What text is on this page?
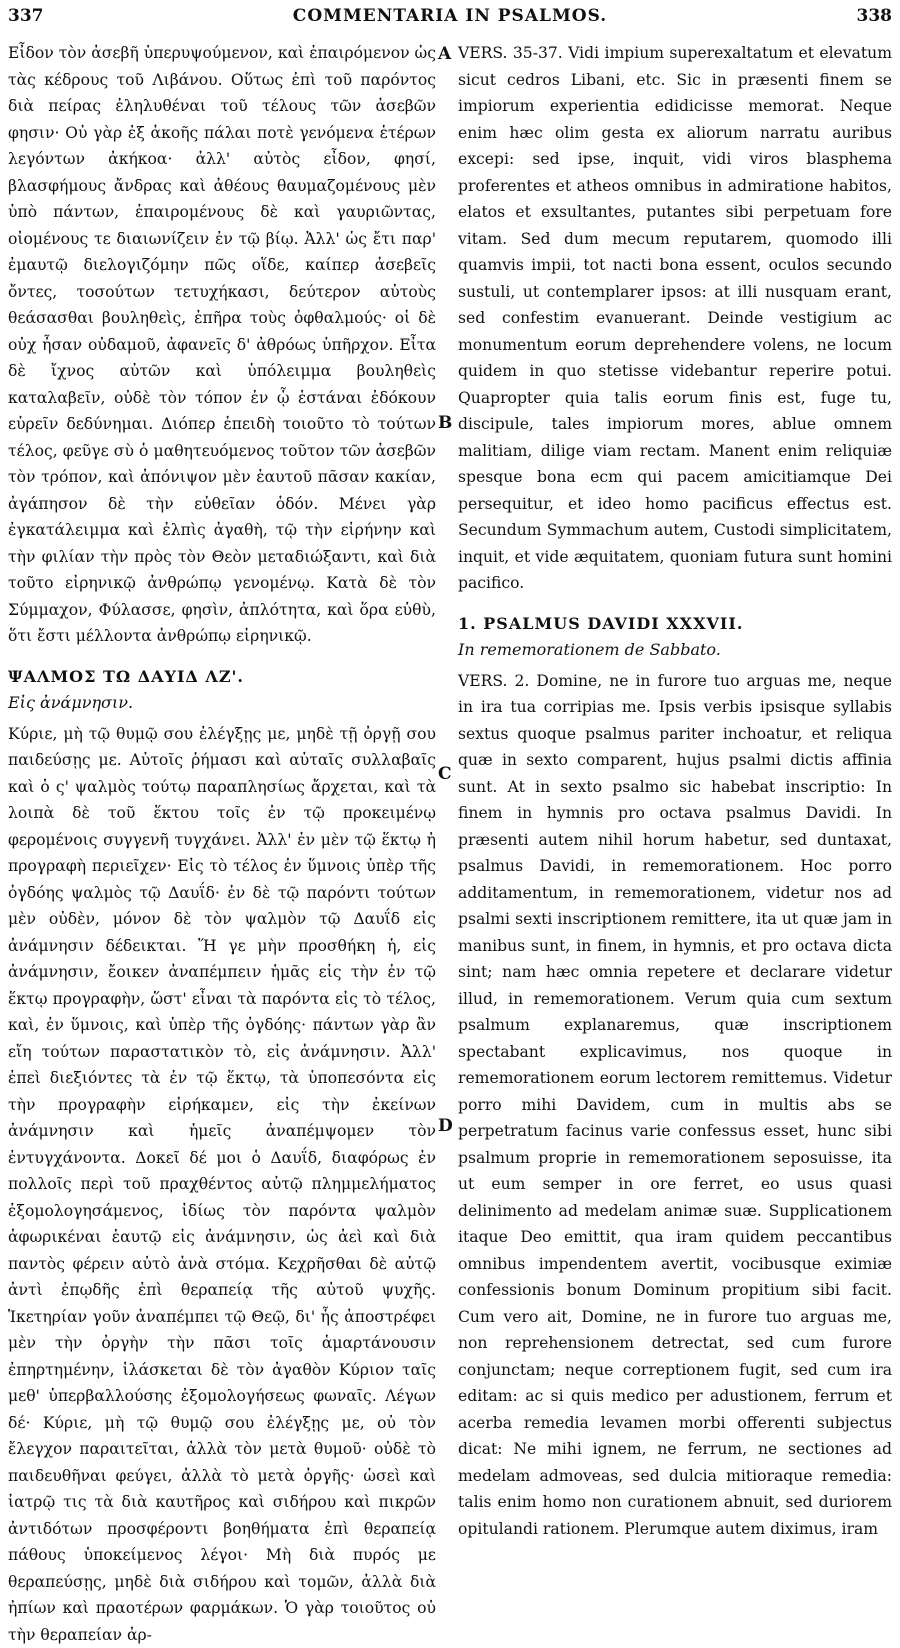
337	COMMENTARIA IN PSALMOS.	338
A
B
C
D

Εἶδον τὸν ἀσεβῆ ὑπερυψούμενον, καὶ ἐπαιρόμενον ὡς τὰς κέδρους τοῦ Λιβάνου. Οὕτως ἐπὶ τοῦ παρόντος διὰ πείρας ἐληλυθέναι τοῦ τέλους τῶν ἀσεβῶν φησιν· Οὐ γὰρ ἐξ ἀκοῆς πάλαι ποτὲ γενόμενα ἑτέρων λεγόντων ἀκήκοα· ἀλλ' αὐτὸς εἶδον, φησί, βλασφήμους ἄνδρας καὶ ἀθέους θαυμαζομένους μὲν ὑπὸ πάντων, ἐπαιρομένους δὲ καὶ γαυριῶντας, οἰομένους τε διαιωνίζειν ἐν τῷ βίῳ. Ἀλλ' ὡς ἔτι παρ' ἐμαυτῷ διελογιζόμην πῶς οἵδε, καίπερ ἀσεβεῖς ὄντες, τοσούτων τετυχήκασι, δεύτερον αὐτοὺς θεάσασθαι βουληθεὶς, ἐπῆρα τοὺς ὀφθαλμούς· οἱ δὲ οὐχ ἦσαν οὐδαμοῦ, ἀφανεῖς δ' ἀθρόως ὑπῆρχον. Εἶτα δὲ ἴχνος αὐτῶν καὶ ὑπόλειμμα βουληθεὶς καταλαβεῖν, οὐδὲ τὸν τόπον ἐν ᾧ ἑστάναι ἐδόκουν εὑρεῖν δεδύνημαι. Διόπερ ἐπειδὴ τοιοῦτο τὸ τούτων τέλος, φεῦγε σὺ ὁ μαθητευόμενος τοῦτον τῶν ἀσεβῶν τὸν τρόπον, καὶ ἀπόνιψον μὲν ἑαυτοῦ πᾶσαν κακίαν, ἀγάπησον δὲ τὴν εὐθεῖαν ὁδόν. Μένει γὰρ ἐγκατάλειμμα καὶ ἐλπὶς ἀγαθὴ, τῷ τὴν εἰρήνην καὶ τὴν φιλίαν τὴν πρὸς τὸν Θεὸν μεταδιώξαντι, καὶ διὰ τοῦτο εἰρηνικῷ ἀνθρώπῳ γενομένῳ. Κατὰ δὲ τὸν Σύμμαχον, Φύλασσε, φησὶν, ἀπλότητα, καὶ ὅρα εὐθὺ, ὅτι ἔστι μέλλοντα ἀνθρώπῳ εἰρηνικῷ.

ΨΑΛΜΟΣ ΤΩ ΔΑΥΙΔ ΛΖ'.

Εἰς ἀνάμνησιν.

Κύριε, μὴ τῷ θυμῷ σου ἐλέγξῃς με, μηδὲ τῇ ὀργῇ σου παιδεύσῃς με. Αὐτοῖς ῥήμασι καὶ αὐταῖς συλλαβαῖς καὶ ὁ ς' ψαλμὸς τούτῳ παραπλησίως ἄρχεται, καὶ τὰ λοιπὰ δὲ τοῦ ἕκτου τοῖς ἐν τῷ προκειμένῳ φερομένοις συγγενῆ τυγχάνει. Ἀλλ' ἐν μὲν τῷ ἕκτῳ ἡ προγραφὴ περιεῖχεν· Εἰς τὸ τέλος ἐν ὕμνοις ὑπὲρ τῆς ὀγδόης ψαλμὸς τῷ Δαυΐδ· ἐν δὲ τῷ παρόντι τούτων μὲν οὐδὲν, μόνον δὲ τὸν ψαλμὸν τῷ Δαυΐδ εἰς ἀνάμνησιν δέδεικται. Ἥ γε μὴν προσθήκη ἡ, εἰς ἀνάμνησιν, ἔοικεν ἀναπέμπειν ἡμᾶς εἰς τὴν ἐν τῷ ἕκτῳ προγραφὴν, ὥστ' εἶναι τὰ παρόντα εἰς τὸ τέλος, καὶ, ἐν ὕμνοις, καὶ ὑπὲρ τῆς ὀγδόης· πάντων γὰρ ἂν εἴη τούτων παραστατικὸν τὸ, εἰς ἀνάμνησιν. Ἀλλ' ἐπεὶ διεξιόντες τὰ ἐν τῷ ἕκτῳ, τὰ ὑποπεσόντα εἰς τὴν προγραφὴν εἰρήκαμεν, εἰς τὴν ἐκείνων ἀνάμνησιν καὶ ἡμεῖς ἀναπέμψομεν τὸν ἐντυγχάνοντα. Δοκεῖ δέ μοι ὁ Δαυΐδ, διαφόρως ἐν πολλοῖς περὶ τοῦ πραχθέντος αὐτῷ πλημμελήματος ἐξομολογησάμενος, ἰδίως τὸν παρόντα ψαλμὸν ἀφωρικέναι ἑαυτῷ εἰς ἀνάμνησιν, ὡς ἀεὶ καὶ διὰ παντὸς φέρειν αὐτὸ ἀνὰ στόμα. Κεχρῆσθαι δὲ αὐτῷ ἀντὶ ἐπῳδῆς ἐπὶ θεραπείᾳ τῆς αὐτοῦ ψυχῆς. Ἱκετηρίαν γοῦν ἀναπέμπει τῷ Θεῷ, δι' ἧς ἀποστρέφει μὲν τὴν ὀργὴν τὴν πᾶσι τοῖς ἁμαρτάνουσιν ἐπηρτημένην, ἱλάσκεται δὲ τὸν ἀγαθὸν Κύριον ταῖς μεθ' ὑπερβαλλούσης ἐξομολογήσεως φωναῖς. Λέγων δέ· Κύριε, μὴ τῷ θυμῷ σου ἐλέγξῃς με, οὐ τὸν ἔλεγχον παραιτεῖται, ἀλλὰ τὸν μετὰ θυμοῦ· οὐδὲ τὸ παιδευθῆναι φεύγει, ἀλλὰ τὸ μετὰ ὀργῆς· ὡσεὶ καὶ ἰατρῷ τις τὰ διὰ καυτῆρος καὶ σιδήρου καὶ πικρῶν ἀντιδότων προσφέροντι βοηθήματα ἐπὶ θεραπείᾳ πάθους ὑποκείμενος λέγοι· Μὴ διὰ πυρός με θεραπεύσῃς, μηδὲ διὰ σιδήρου καὶ τομῶν, ἀλλὰ διὰ ἠπίων καὶ πραοτέρων φαρμάκων. Ὁ γὰρ τοιοῦτος οὐ τὴν θεραπείαν ἀρ-

VERS. 35-37. Vidi impium superexaltatum et elevatum sicut cedros Libani, etc. Sic in præsenti finem se impiorum experientia edidicisse memorat. Neque enim hæc olim gesta ex aliorum narratu auribus excepi: sed ipse, inquit, vidi viros blasphema proferentes et atheos omnibus in admiratione habitos, elatos et exsultantes, putantes sibi perpetuam fore vitam. Sed dum mecum reputarem, quomodo illi quamvis impii, tot nacti bona essent, oculos secundo sustuli, ut contemplarer ipsos: at illi nusquam erant, sed confestim evanuerant. Deinde vestigium ac monumentum eorum deprehendere volens, ne locum quidem in quo stetisse videbantur reperire potui. Quapropter quia talis eorum finis est, fuge tu, discipule, tales impiorum mores, ablue omnem malitiam, dilige viam rectam. Manent enim reliquiæ spesque bona ecm qui pacem amicitiamque Dei persequitur, et ideo homo pacificus effectus est. Secundum Symmachum autem, Custodi simplicitatem, inquit, et vide æquitatem, quoniam futura sunt homini pacifico.

1. PSALMUS DAVIDI XXXVII.

In rememorationem de Sabbato.

VERS. 2. Domine, ne in furore tuo arguas me, neque in ira tua corripias me. Ipsis verbis ipsisque syllabis sextus quoque psalmus pariter inchoatur, et reliqua quæ in sexto comparent, hujus psalmi dictis affinia sunt. At in sexto psalmo sic habebat inscriptio: In finem in hymnis pro octava psalmus Davidi. In præsenti autem nihil horum habetur, sed duntaxat, psalmus Davidi, in rememorationem. Hoc porro additamentum, in rememorationem, videtur nos ad psalmi sexti inscriptionem remittere, ita ut quæ jam in manibus sunt, in finem, in hymnis, et pro octava dicta sint; nam hæc omnia repetere et declarare videtur illud, in rememorationem. Verum quia cum sextum psalmum explanaremus, quæ inscriptionem spectabant explicavimus, nos quoque in rememorationem eorum lectorem remittemus. Videtur porro mihi Davidem, cum in multis abs se perpetratum facinus varie confessus esset, hunc sibi psalmum proprie in rememorationem seposuisse, ita ut eum semper in ore ferret, eo usus quasi delinimento ad medelam animæ suæ. Supplicationem itaque Deo emittit, qua iram quidem peccantibus omnibus impendentem avertit, vocibusque eximiæ confessionis bonum Dominum propitium sibi facit. Cum vero ait, Domine, ne in furore tuo arguas me, non reprehensionem detrectat, sed cum furore conjunctam; neque correptionem fugit, sed cum ira editam: ac si quis medico per adustionem, ferrum et acerba remedia levamen morbi offerenti subjectus dicat: Ne mihi ignem, ne ferrum, ne sectiones ad medelam admoveas, sed dulcia mitioraque remedia: talis enim homo non curationem abnuit, sed duriorem opitulandi rationem. Plerumque autem diximus, iram
